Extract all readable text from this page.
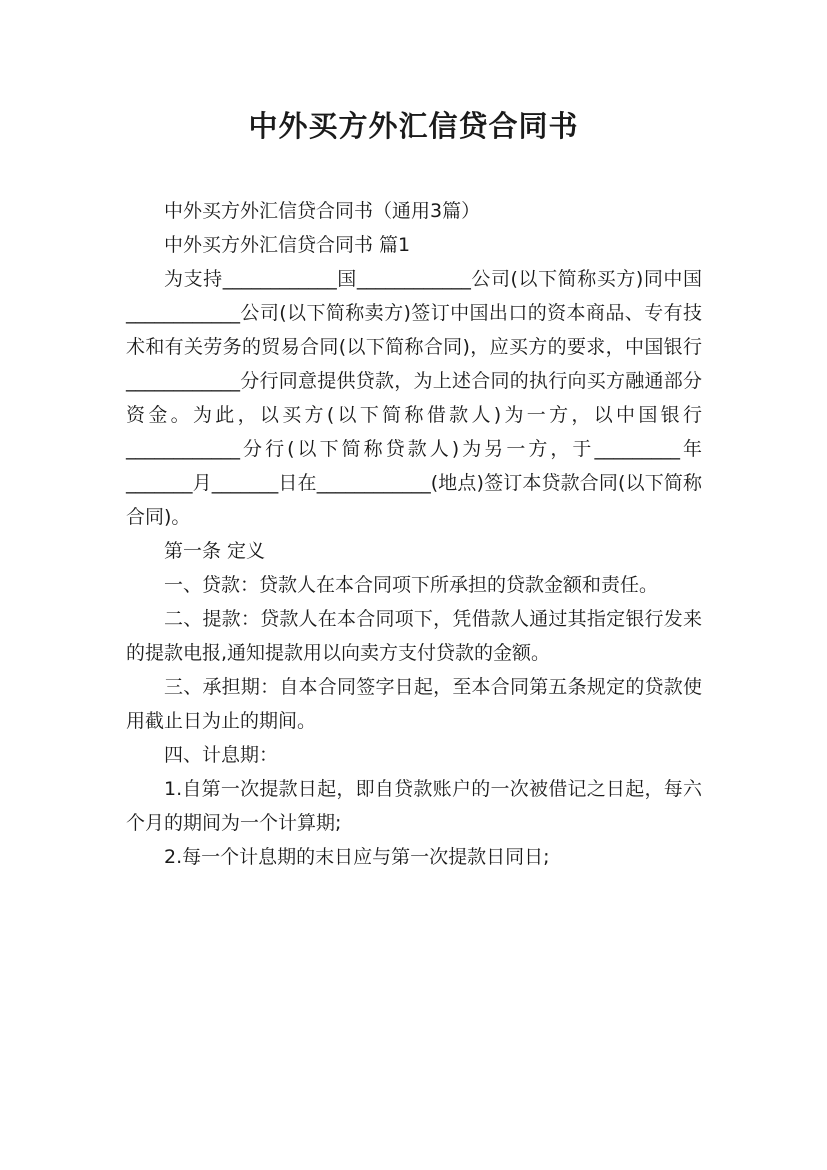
中外买方外汇信贷合同书

中外买方外汇信贷合同书（通用3篇）

中外买方外汇信贷合同书 篇1

为支持____________国____________公司(以下简称买方)同中国____________公司(以下简称卖方)签订中国出口的资本商品、专有技术和有关劳务的贸易合同(以下简称合同)，应买方的要求，中国银行____________分行同意提供贷款，为上述合同的执行向买方融通部分资金。为此，以买方(以下简称借款人)为一方，以中国银行____________分行(以下简称贷款人)为另一方，于_________年_______月_______日在____________(地点)签订本贷款合同(以下简称合同)。

第一条 定义

一、贷款：贷款人在本合同项下所承担的贷款金额和责任。

二、提款：贷款人在本合同项下，凭借款人通过其指定银行发来的提款电报,通知提款用以向卖方支付贷款的金额。

三、承担期：自本合同签字日起，至本合同第五条规定的贷款使用截止日为止的期间。

四、计息期：

1.自第一次提款日起，即自贷款账户的一次被借记之日起，每六个月的期间为一个计算期;

2.每一个计息期的末日应与第一次提款日同日;
